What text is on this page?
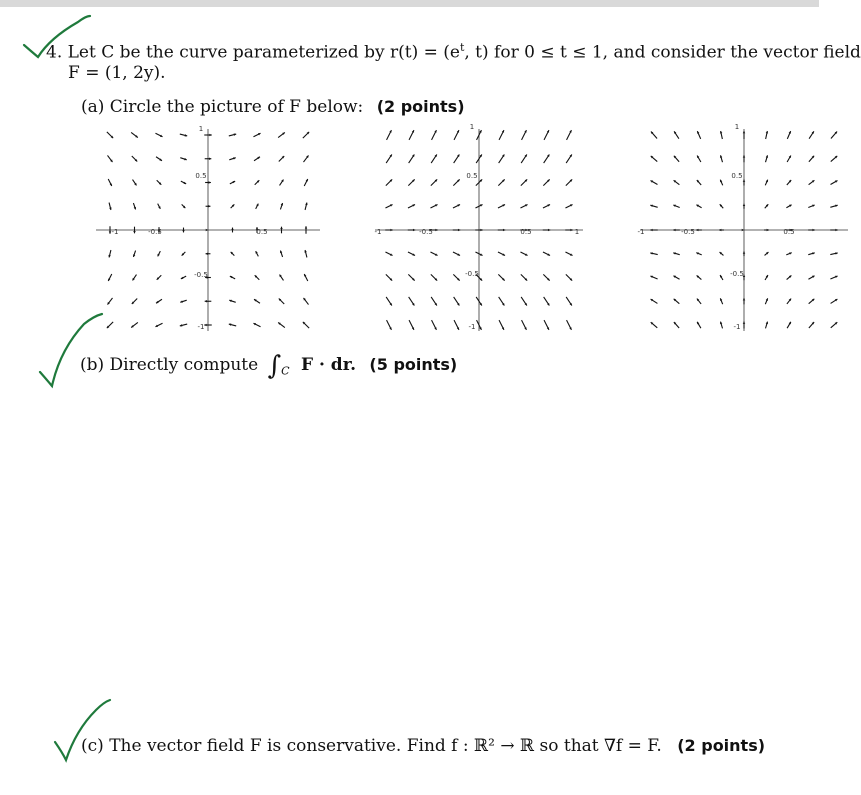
4. Let C be the curve parameterized by $r(t) = (e^t$, t) for 0 ≤ t ≤ 1, and consider the vector field
F = (1, 2y).
(a) Circle the picture of F below: (2 points)
1
0.5
-0.5
0.5
-1	-0.5
-1
1
0.5
-1	-0.5	0.5	1
-0.5
-1
1
0.5
-1	-0.5	0.5
-0.5
-1
(b) Directly compute $\int_C$ F · dr. (5 points)
(c) The vector field F is conservative. Find f : ℝ² → ℝ so that ∇f = F. (2 points)
